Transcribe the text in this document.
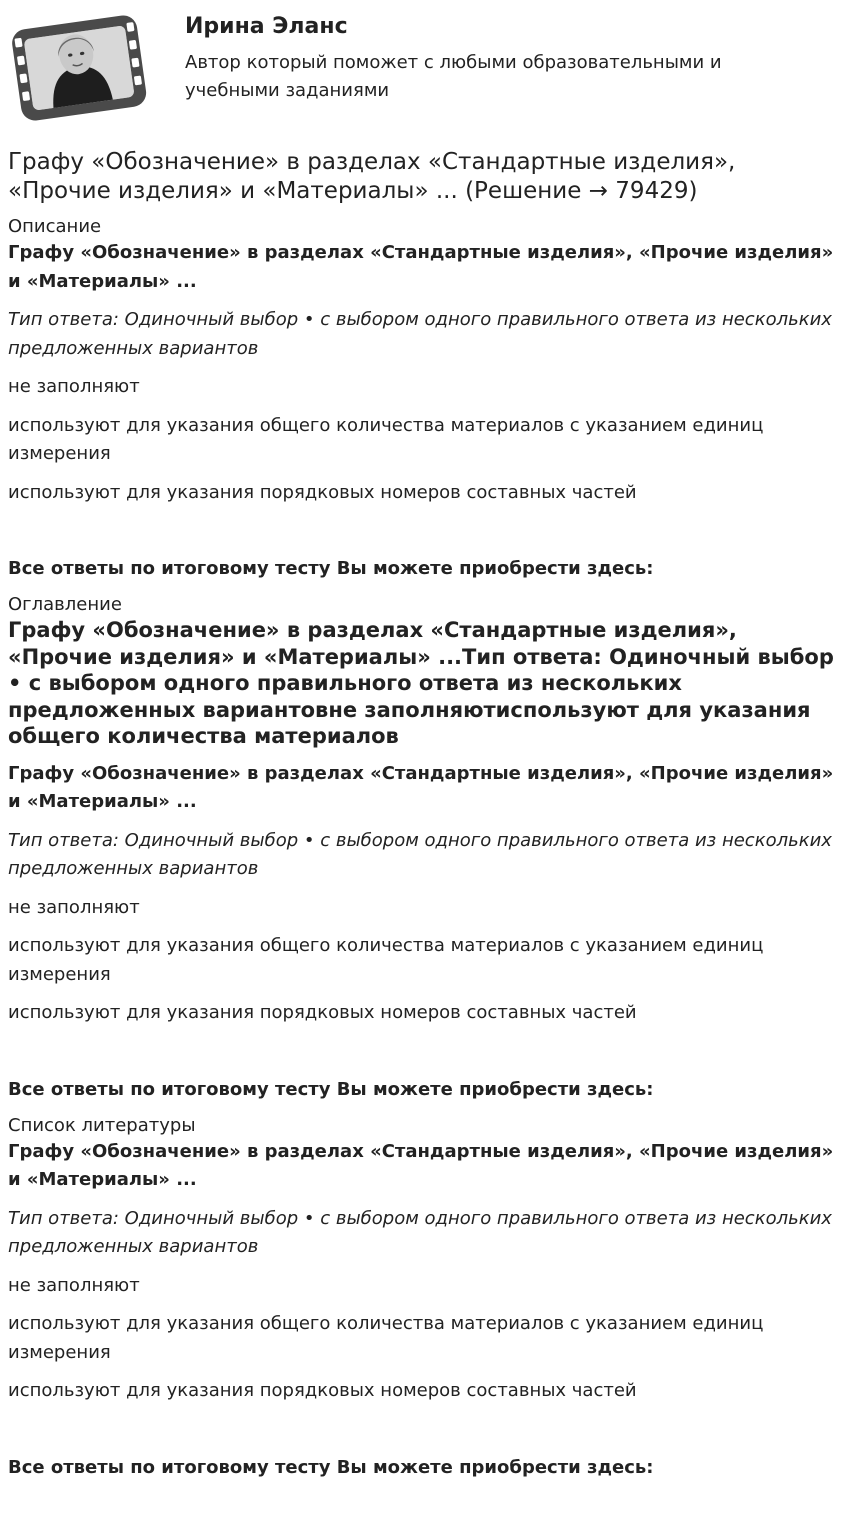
Ирина Эланс
Автор который поможет с любыми образовательными и учебными заданиями
Графу «Обозначение» в разделах «Стандартные изделия», «Прочие изделия» и «Материалы» ... (Решение → 79429)
Описание

Графу «Обозначение» в разделах «Стандартные изделия», «Прочие изделия» и «Материалы» ...

Тип ответа: Одиночный выбор • с выбором одного правильного ответа из нескольких предложенных вариантов

не заполняют

используют для указания общего количества материалов с указанием единиц измерения

используют для указания порядковых номеров составных частей

Все ответы по итоговому тесту Вы можете приобрести здесь:

Оглавление
Графу «Обозначение» в разделах «Стандартные изделия», «Прочие изделия» и «Материалы» ...Тип ответа: Одиночный выбор • с выбором одного правильного ответа из нескольких предложенных вариантовне заполняютиспользуют для указания общего количества материалов

Графу «Обозначение» в разделах «Стандартные изделия», «Прочие изделия» и «Материалы» ...

Тип ответа: Одиночный выбор • с выбором одного правильного ответа из нескольких предложенных вариантов

не заполняют

используют для указания общего количества материалов с указанием единиц измерения

используют для указания порядковых номеров составных частей

Все ответы по итоговому тесту Вы можете приобрести здесь:

Список литературы

Графу «Обозначение» в разделах «Стандартные изделия», «Прочие изделия» и «Материалы» ...

Тип ответа: Одиночный выбор • с выбором одного правильного ответа из нескольких предложенных вариантов

не заполняют

используют для указания общего количества материалов с указанием единиц измерения

используют для указания порядковых номеров составных частей

Все ответы по итоговому тесту Вы можете приобрести здесь:
